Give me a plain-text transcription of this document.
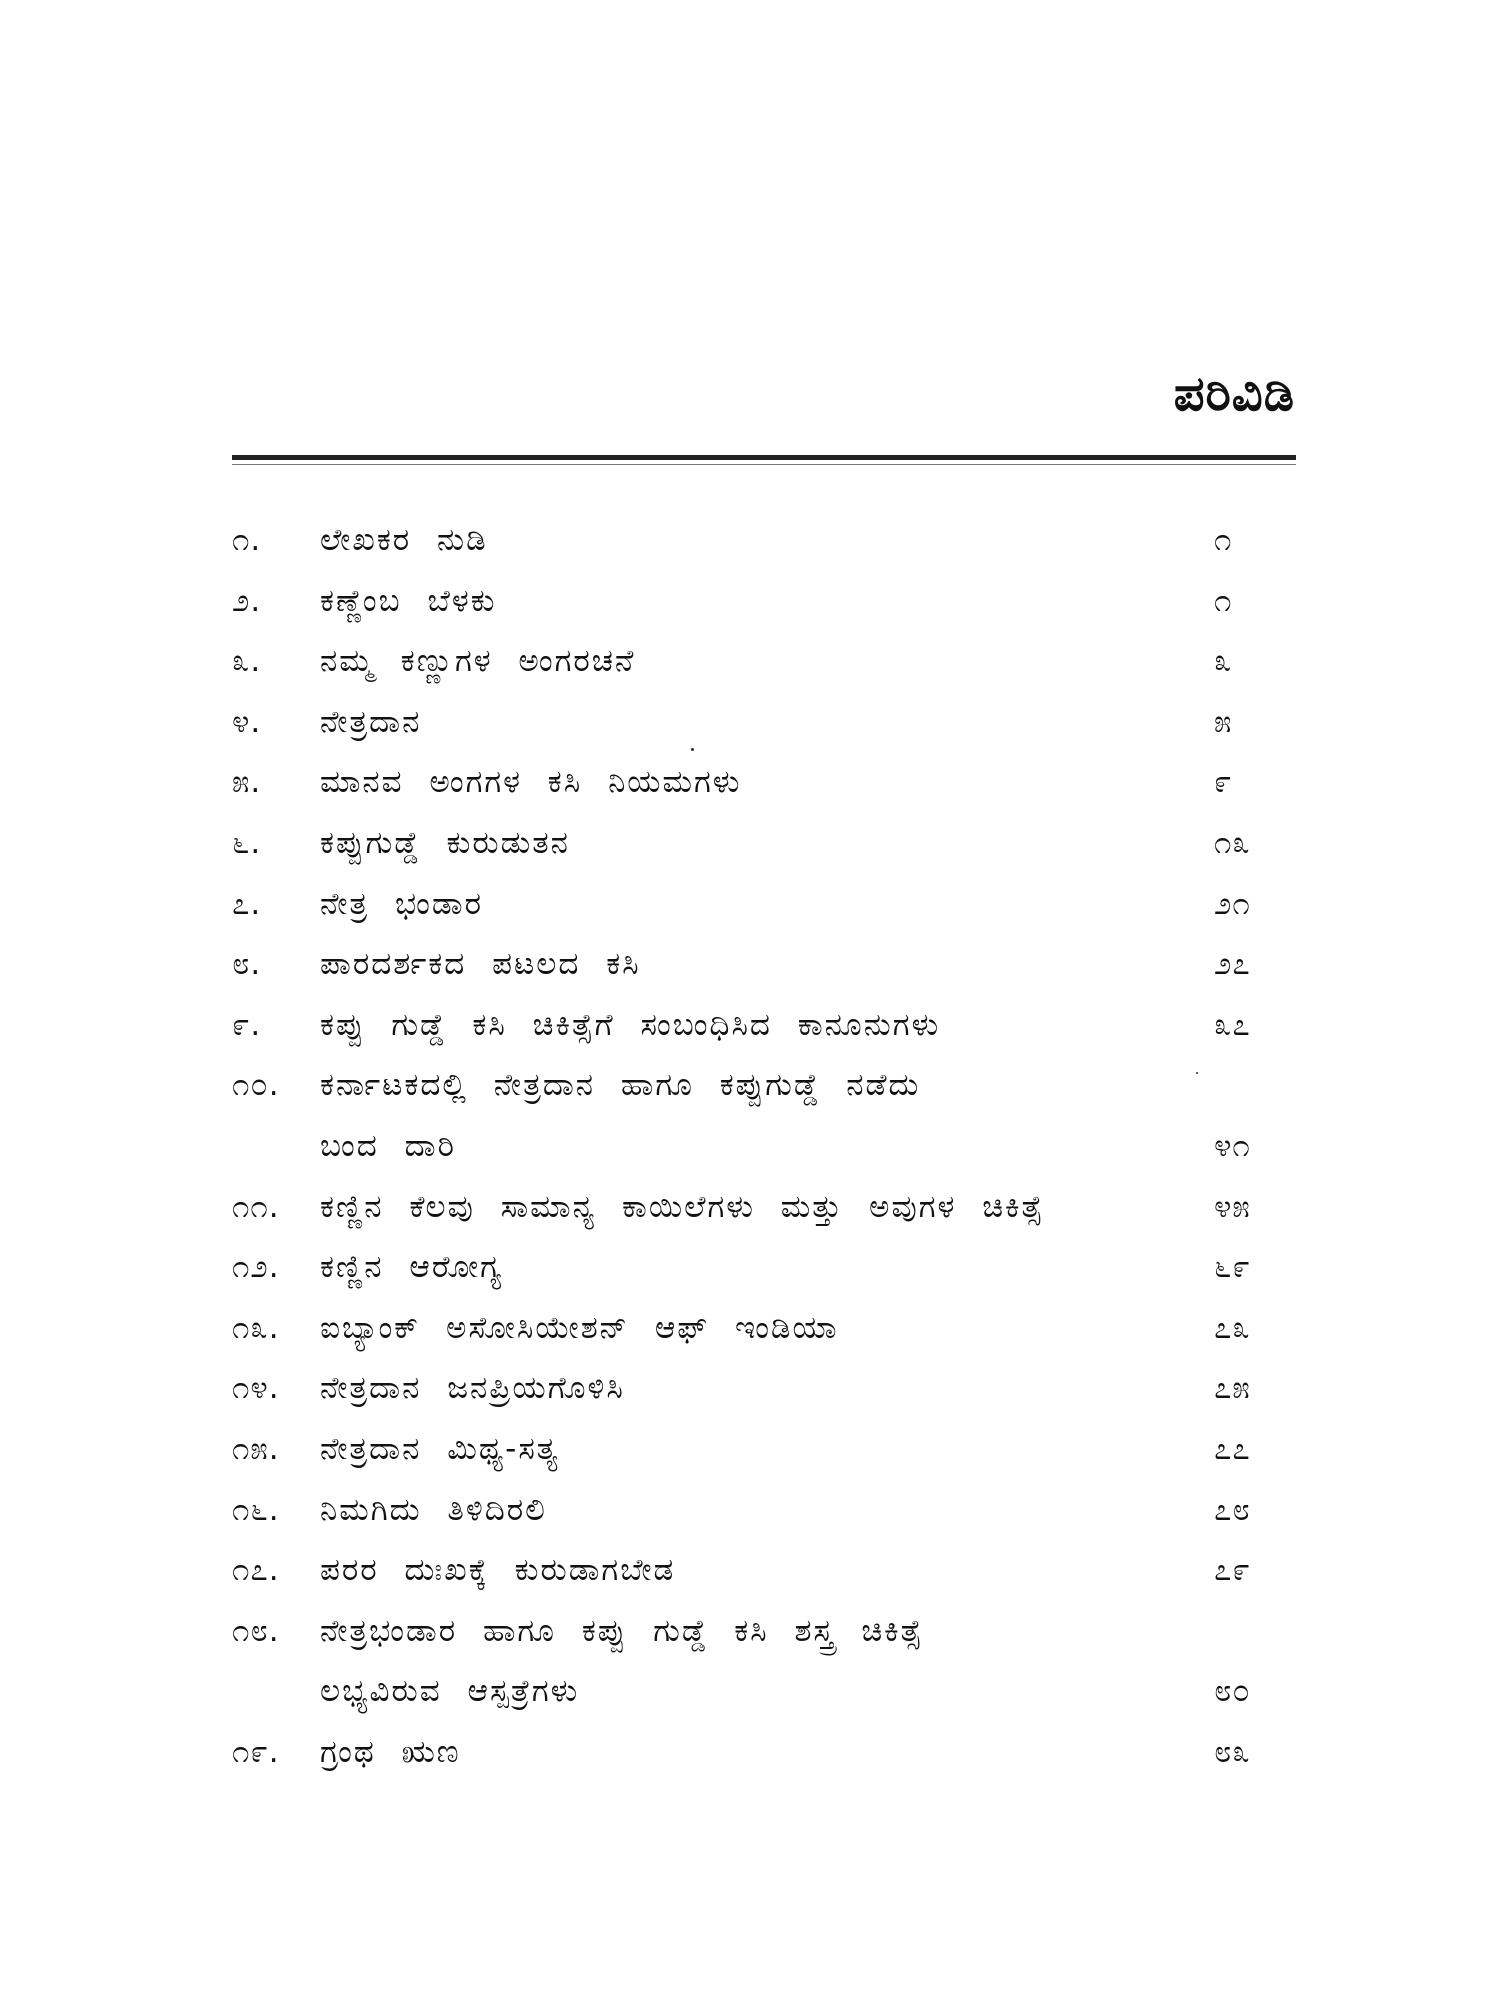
ಪರಿವಿಡಿ
೧.	ಲೇಖಕರ ನುಡಿ	೧
೨.	ಕಣ್ಣೆಂಬ ಬೆಳಕು	೧
೩.	ನಮ್ಮ ಕಣ್ಣುಗಳ ಅಂಗರಚನೆ	೩
೪.	ನೇತ್ರದಾನ	೫
೫.	ಮಾನವ ಅಂಗಗಳ ಕಸಿ ನಿಯಮಗಳು	೯
೬.	ಕಪ್ಪುಗುಡ್ಡೆ ಕುರುಡುತನ	೧೩
೭.	ನೇತ್ರ ಭಂಡಾರ	೨೧
೮.	ಪಾರದರ್ಶಕದ ಪಟಲದ ಕಸಿ	೨೭
೯.	ಕಪ್ಪು ಗುಡ್ಡೆ ಕಸಿ ಚಿಕಿತ್ಸೆಗೆ ಸಂಬಂಧಿಸಿದ ಕಾನೂನುಗಳು	೩೭
೧೦.	ಕರ್ನಾಟಕದಲ್ಲಿ ನೇತ್ರದಾನ ಹಾಗೂ ಕಪ್ಪುಗುಡ್ಡೆ ನಡೆದು
ಬಂದ ದಾರಿ	೪೧
೧೧.	ಕಣ್ಣಿನ ಕೆಲವು ಸಾಮಾನ್ಯ ಕಾಯಿಲೆಗಳು ಮತ್ತು ಅವುಗಳ ಚಿಕಿತ್ಸೆ	೪೫
೧೨.	ಕಣ್ಣಿನ ಆರೋಗ್ಯ	೬೯
೧೩.	ಐಬ್ಯಾಂಕ್ ಅಸೋಸಿಯೇಶನ್ ಆಫ್ ಇಂಡಿಯಾ	೭೩
೧೪.	ನೇತ್ರದಾನ ಜನಪ್ರಿಯಗೊಳಿಸಿ	೭೫
೧೫.	ನೇತ್ರದಾನ ಮಿಥ್ಯ-ಸತ್ಯ	೭೭
೧೬.	ನಿಮಗಿದು ತಿಳಿದಿರಲಿ	೭೮
೧೭.	ಪರರ ದುಃಖಕ್ಕೆ ಕುರುಡಾಗಬೇಡ	೭೯
೧೮.	ನೇತ್ರಭಂಡಾರ ಹಾಗೂ ಕಪ್ಪು ಗುಡ್ಡೆ ಕಸಿ ಶಸ್ತ್ರ ಚಿಕಿತ್ಸೆ
ಲಭ್ಯವಿರುವ ಆಸ್ಪತ್ರೆಗಳು	೮೦
೧೯.	ಗ್ರಂಥ ಋಣ	೮೩
